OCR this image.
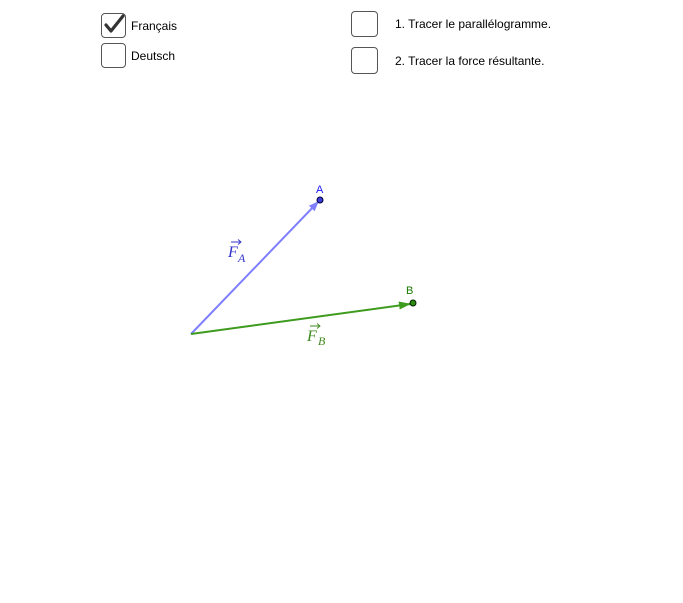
A
B
F A
F B
Français
Deutsch
1. Tracer le parallélogramme.
2. Tracer la force résultante.
